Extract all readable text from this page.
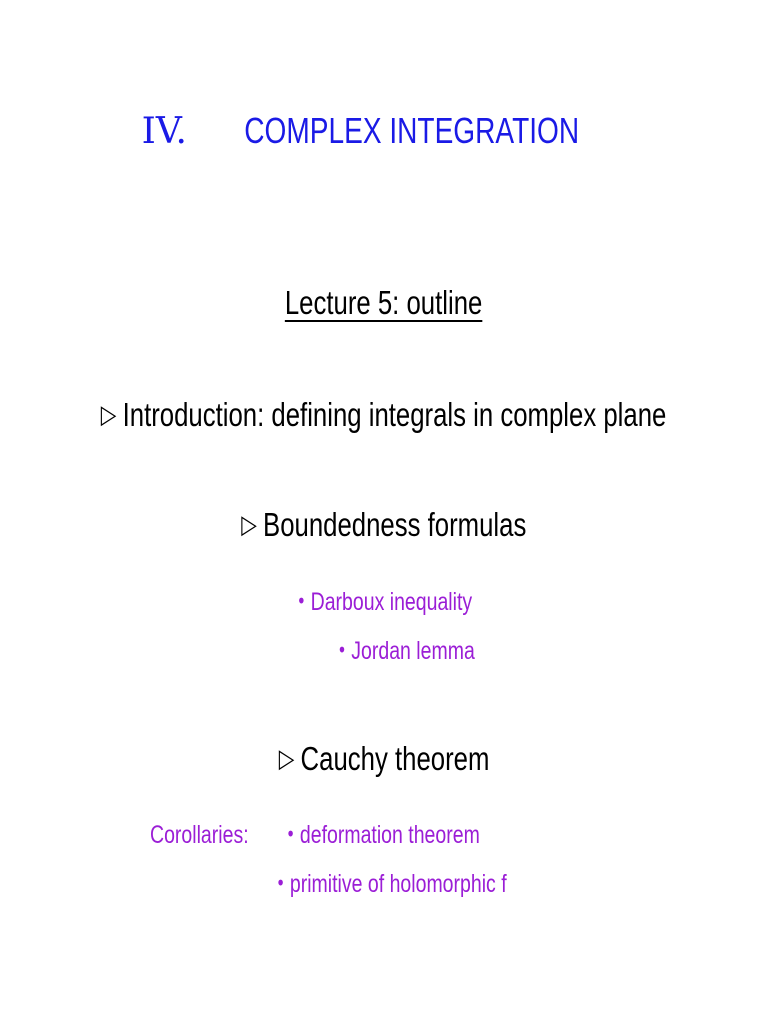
IV. COMPLEX INTEGRATION
Lecture 5: outline
▷ Introduction: defining integrals in complex plane
▷ Boundedness formulas
• Darboux inequality
• Jordan lemma
▷ Cauchy theorem
Corollaries:	• deformation theorem
• primitive of holomorphic f
